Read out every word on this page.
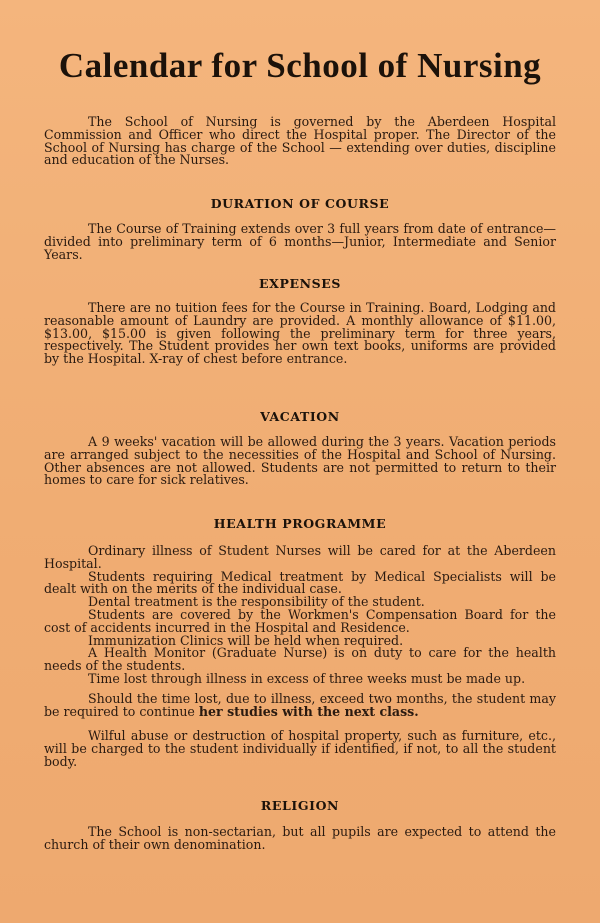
Calendar for School of Nursing

The School of Nursing is governed by the Aberdeen Hospital Commission and Officer who direct the Hospital proper. The Director of the School of Nursing has charge of the School — extending over duties, discipline and education of the Nurses.

DURATION OF COURSE

The Course of Training extends over 3 full years from date of entrance—divided into preliminary term of 6 months—Junior, Intermediate and Senior Years.

EXPENSES

There are no tuition fees for the Course in Training. Board, Lodging and reasonable amount of Laundry are provided. A monthly allowance of $11.00, $13.00, $15.00 is given following the preliminary term for three years, respectively. The Student provides her own text books, uniforms are provided by the Hospital. X-ray of chest before entrance.

VACATION

A 9 weeks' vacation will be allowed during the 3 years. Vacation periods are arranged subject to the necessities of the Hospital and School of Nursing. Other absences are not allowed. Students are not permitted to return to their homes to care for sick relatives.

HEALTH PROGRAMME

Ordinary illness of Student Nurses will be cared for at the Aberdeen Hospital.

Students requiring Medical treatment by Medical Specialists will be dealt with on the merits of the individual case.

Dental treatment is the responsibility of the student.

Students are covered by the Workmen's Compensation Board for the cost of accidents incurred in the Hospital and Residence.

Immunization Clinics will be held when required.

A Health Monitor (Graduate Nurse) is on duty to care for the health needs of the students.

Time lost through illness in excess of three weeks must be made up.

Should the time lost, due to illness, exceed two months, the student may be required to continue her studies with the next class.

Wilful abuse or destruction of hospital property, such as furniture, etc., will be charged to the student individually if identified, if not, to all the student body.

RELIGION

The School is non-sectarian, but all pupils are expected to attend the church of their own denomination.
